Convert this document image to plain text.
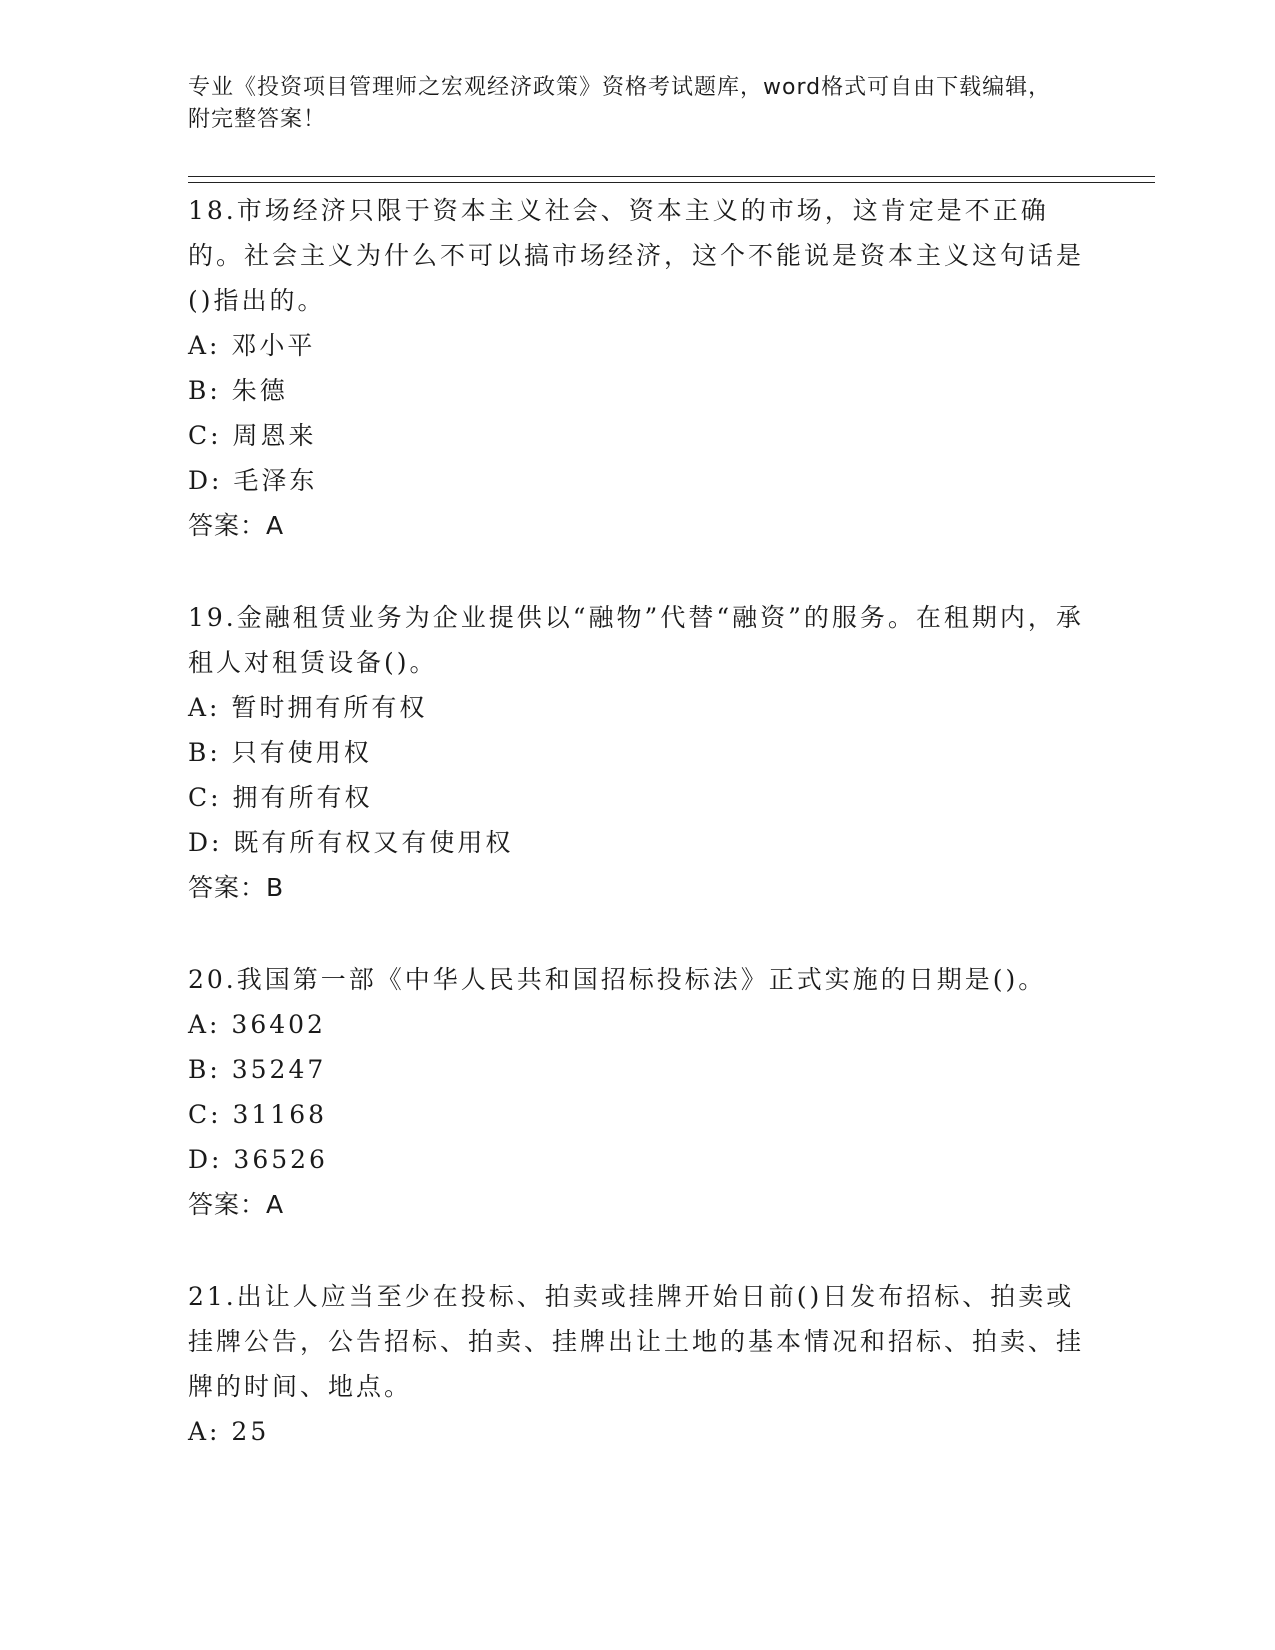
专业《投资项目管理师之宏观经济政策》资格考试题库，word格式可自由下载编辑，附完整答案！

18.市场经济只限于资本主义社会、资本主义的市场，这肯定是不正确的。社会主义为什么不可以搞市场经济，这个不能说是资本主义这句话是()指出的。

A: 邓小平

B: 朱德

C: 周恩来

D: 毛泽东

答案：A

19.金融租赁业务为企业提供以“融物”代替“融资”的服务。在租期内，承租人对租赁设备()。

A: 暂时拥有所有权

B: 只有使用权

C: 拥有所有权

D: 既有所有权又有使用权

答案：B

20.我国第一部《中华人民共和国招标投标法》正式实施的日期是()。

A: 36402

B: 35247

C: 31168

D: 36526

答案：A

21.出让人应当至少在投标、拍卖或挂牌开始日前()日发布招标、拍卖或挂牌公告，公告招标、拍卖、挂牌出让土地的基本情况和招标、拍卖、挂牌的时间、地点。

A: 25
